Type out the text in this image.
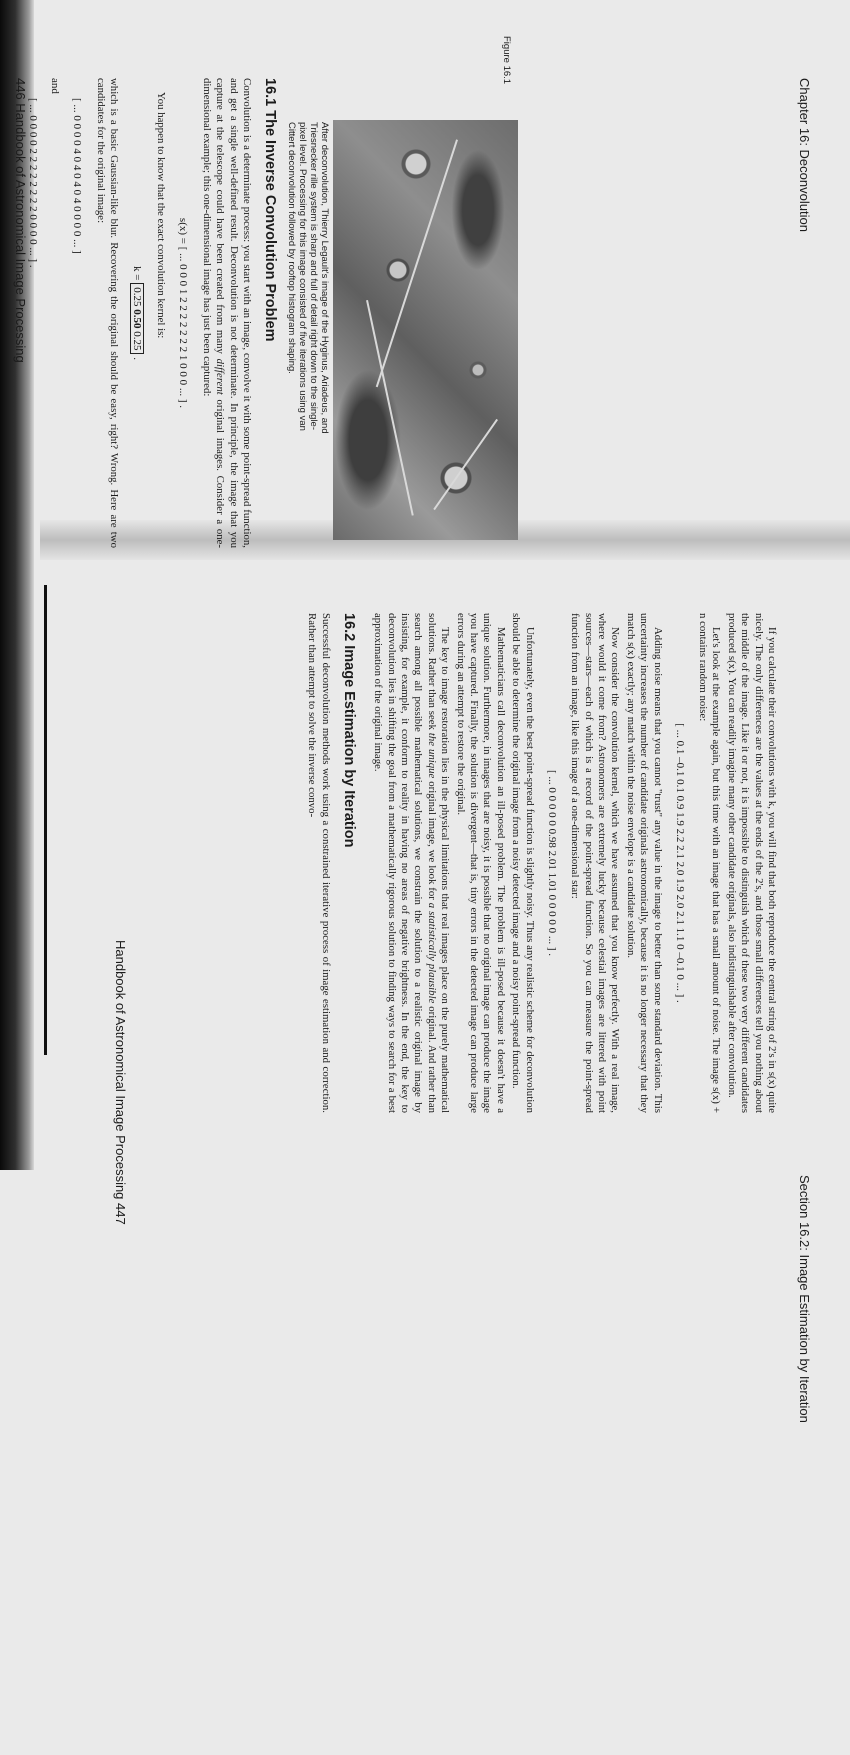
Chapter 16: Deconvolution
Figure 16.1
After deconvolution, Thierry Legault's image of the Hyginus, Ariadeus, and
Triesnecker rille system is sharp and full of detail right down to the single-
pixel level. Processing for this image consisted of five iterations using van
Cittert deconvolution followed by rooftop histogram shaping.
16.1 The Inverse Convolution Problem

Convolution is a determinate process: you start with an image, convolve it with some point-spread function, and get a single well-defined result. Deconvolution is not determinate. In principle, the image that you capture at the telescope could have been created from many different original images. Consider a one-dimensional example; this one-dimensional image has just been captured:

s(x) = [ ... 0 0 0 1 2 2 2 2 2 2 2 1 0 0 0 ... ] .

You happen to know that the exact convolution kernel is:

k = 0.25 0.50 0.25 .

which is a basic Gaussian-like blur. Recovering the original should be easy, right? Wrong. Here are two candidates for the original image:

[ ... 0 0 0 0 4 0 4 0 4 0 4 0 0 0 0 ... ]
and
[ ... 0 0 0 0 2 2 2 2 2 2 2 2 0 0 0 0 ... ] .
446 Handbook of Astronomical Image Processing
Section 16.2: Image Estimation by Iteration

If you calculate their convolutions with k, you will find that both reproduce the central string of 2's in s(x) quite nicely. The only differences are the values at the ends of the 2's, and those small differences tell you nothing about the middle of the image. Like it or not, it is impossible to distinguish which of these two very different candidates produced s(x). You can readily imagine many other candidate originals, also indistinguishable after convolution.

Let's look at the example again, but this time with an image that has a small amount of noise. The image s(x) + n contains random noise:

[ ... 0.1 –0.1 0.1 0.9 1.9 2.2 2.1 2.0 1.9 2.0 2.1 1.1 0 –0.1 0 ... ] .

Adding noise means that you cannot "trust" any value in the image to better than some standard deviation. This uncertainty increases the number of candidate originals astronomically, because it is no longer necessary that they match s(x) exactly; any match within the noise envelope is a candidate solution.

Now consider the convolution kernel, which we have assumed that you know perfectly. With a real image, where would it come from? Astronomers are extremely lucky because celestial images are littered with point sources—stars—each of which is a record of the point-spread function. So you can measure the point-spread function from an image, like this image of a one-dimensional star:

[ ... 0 0 0 0 0 0.98 2.01 1.01 0 0 0 0 0 ... ] .

Unfortunately, even the best point-spread function is slightly noisy. Thus any realistic scheme for deconvolution should be able to determine the original image from a noisy detected image and a noisy point-spread function.

Mathematicians call deconvolution an ill-posed problem. The problem is ill-posed because it doesn't have a unique solution. Furthermore, in images that are noisy, it is possible that no original image can produce the image you have captured. Finally, the solution is divergent—that is, tiny errors in the detected image can produce large errors during an attempt to restore the original.

The key to image restoration lies in the physical limitations that real images place on the purely mathematical solutions. Rather than seek the unique original image, we look for a statistically plausible original. And rather than search among all possible mathematical solutions, we constrain the solution to a realistic original image by insisting, for example, it conform to reality in having no areas of negative brightness. In the end, the key to deconvolution lies in shifting the goal from a mathematically rigorous solution to finding ways to search for a best approximation of the original image.

16.2 Image Estimation by Iteration

Successful deconvolution methods work using a constrained iterative process of image estimation and correction. Rather than attempt to solve the inverse convo-

Handbook of Astronomical Image Processing 447
